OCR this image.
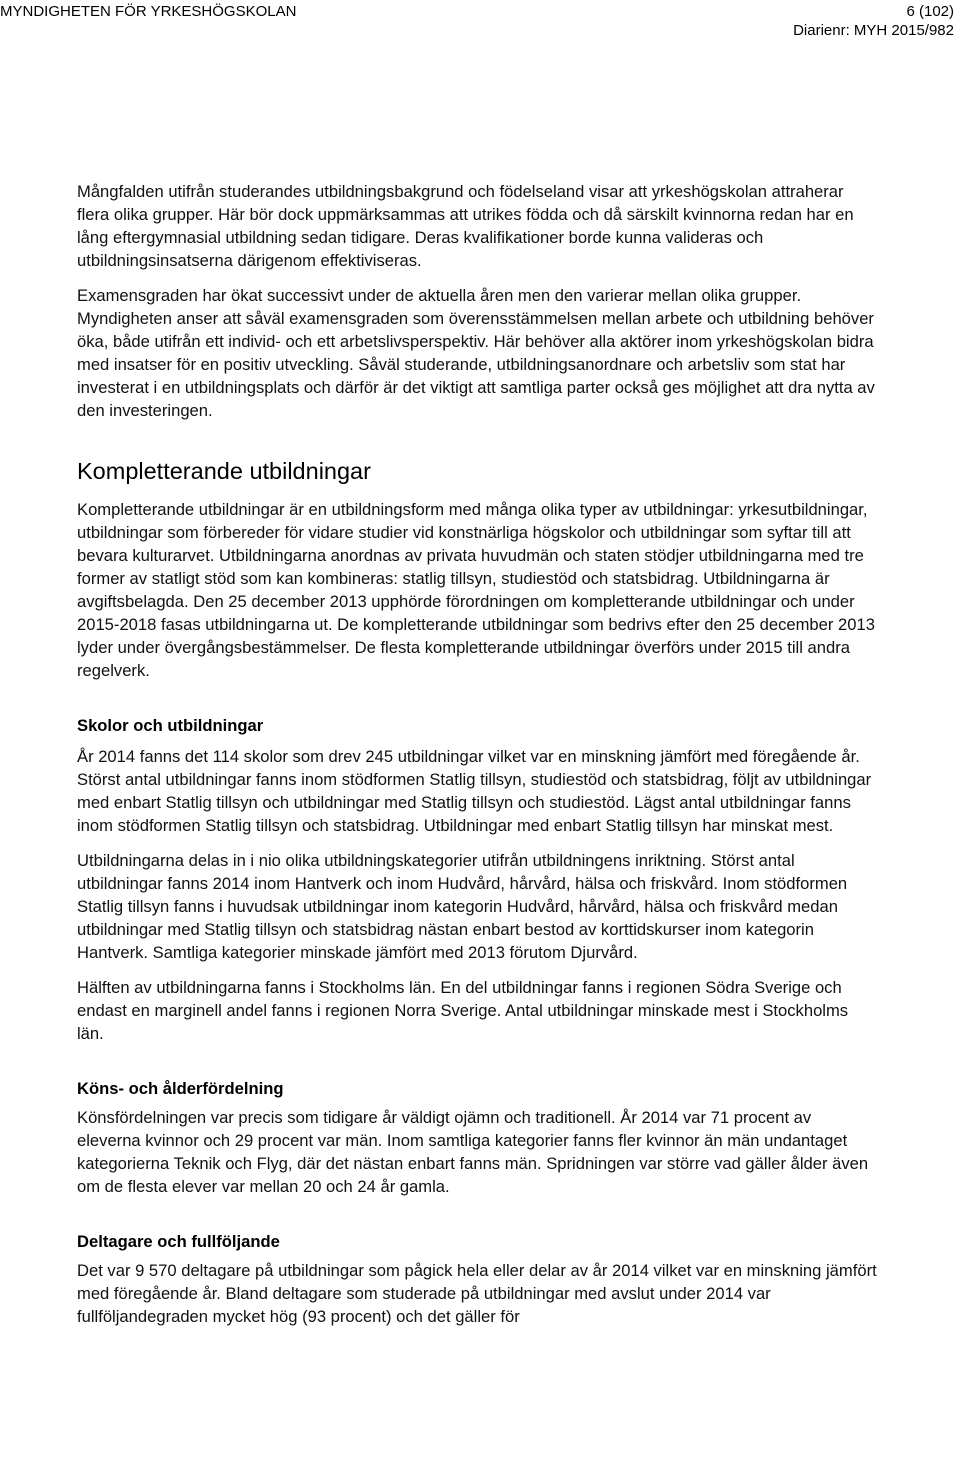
MYNDIGHETEN FÖR YRKESHÖGSKOLAN	6 (102)
Diarienr: MYH 2015/982

Mångfalden utifrån studerandes utbildningsbakgrund och födelseland visar att yrkeshögskolan attraherar flera olika grupper. Här bör dock uppmärksammas att utrikes födda och då särskilt kvinnorna redan har en lång eftergymnasial utbildning sedan tidigare. Deras kvalifikationer borde kunna valideras och utbildningsinsatserna därigenom effektiviseras.

Examensgraden har ökat successivt under de aktuella åren men den varierar mellan olika grupper. Myndigheten anser att såväl examensgraden som överensstämmelsen mellan arbete och utbildning behöver öka, både utifrån ett individ- och ett arbetslivsperspektiv. Här behöver alla aktörer inom yrkeshögskolan bidra med insatser för en positiv utveckling. Såväl studerande, utbildningsanordnare och arbetsliv som stat har investerat i en utbildningsplats och därför är det viktigt att samtliga parter också ges möjlighet att dra nytta av den investeringen.

Kompletterande utbildningar

Kompletterande utbildningar är en utbildningsform med många olika typer av utbildningar: yrkesutbildningar, utbildningar som förbereder för vidare studier vid konstnärliga högskolor och utbildningar som syftar till att bevara kulturarvet. Utbildningarna anordnas av privata huvudmän och staten stödjer utbildningarna med tre former av statligt stöd som kan kombineras: statlig tillsyn, studiestöd och statsbidrag. Utbildningarna är avgiftsbelagda. Den 25 december 2013 upphörde förordningen om kompletterande utbildningar och under 2015-2018 fasas utbildningarna ut. De kompletterande utbildningar som bedrivs efter den 25 december 2013 lyder under övergångsbestämmelser. De flesta kompletterande utbildningar överförs under 2015 till andra regelverk.

Skolor och utbildningar

År 2014 fanns det 114 skolor som drev 245 utbildningar vilket var en minskning jämfört med föregående år. Störst antal utbildningar fanns inom stödformen Statlig tillsyn, studiestöd och statsbidrag, följt av utbildningar med enbart Statlig tillsyn och utbildningar med Statlig tillsyn och studiestöd. Lägst antal utbildningar fanns inom stödformen Statlig tillsyn och statsbidrag. Utbildningar med enbart Statlig tillsyn har minskat mest.

Utbildningarna delas in i nio olika utbildningskategorier utifrån utbildningens inriktning. Störst antal utbildningar fanns 2014 inom Hantverk och inom Hudvård, hårvård, hälsa och friskvård. Inom stödformen Statlig tillsyn fanns i huvudsak utbildningar inom kategorin Hudvård, hårvård, hälsa och friskvård medan utbildningar med Statlig tillsyn och statsbidrag nästan enbart bestod av korttidskurser inom kategorin Hantverk. Samtliga kategorier minskade jämfört med 2013 förutom Djurvård.

Hälften av utbildningarna fanns i Stockholms län. En del utbildningar fanns i regionen Södra Sverige och endast en marginell andel fanns i regionen Norra Sverige. Antal utbildningar minskade mest i Stockholms län.

Köns- och ålderfördelning

Könsfördelningen var precis som tidigare år väldigt ojämn och traditionell. År 2014 var 71 procent av eleverna kvinnor och 29 procent var män. Inom samtliga kategorier fanns fler kvinnor än män undantaget kategorierna Teknik och Flyg, där det nästan enbart fanns män. Spridningen var större vad gäller ålder även om de flesta elever var mellan 20 och 24 år gamla.

Deltagare och fullföljande

Det var 9 570 deltagare på utbildningar som pågick hela eller delar av år 2014 vilket var en minskning jämfört med föregående år. Bland deltagare som studerade på utbildningar med avslut under 2014 var fullföljandegraden mycket hög (93 procent) och det gäller för
